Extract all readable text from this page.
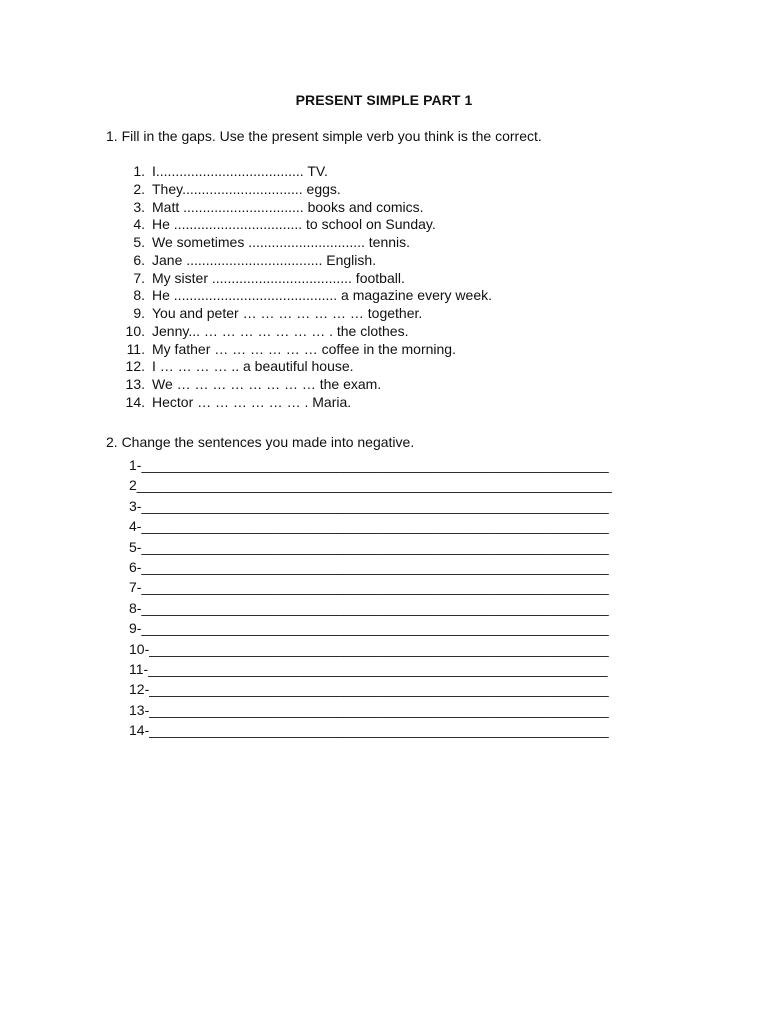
PRESENT SIMPLE PART 1
1. Fill in the gaps. Use the present simple verb you think is the correct.
1. I...................................... TV.
2. They............................... eggs.
3. Matt ............................... books and comics.
4. He ................................. to school on Sunday.
5. We sometimes .............................. tennis.
6. Jane ................................... English.
7. My sister .................................... football.
8. He .......................................... a magazine every week.
9. You and peter … … … … … … … together.
10. Jenny... … … … … … … … . the clothes.
11. My father … … … … … … coffee in the morning.
12. I … … … … .. a beautiful house.
13. We … … … … … … … … the exam.
14. Hector … … … … … … . Maria.
2. Change the sentences you made into negative.
1-____________________________________________________________
2_____________________________________________________________
3-____________________________________________________________
4-____________________________________________________________
5-____________________________________________________________
6-____________________________________________________________
7-____________________________________________________________
8-____________________________________________________________
9-____________________________________________________________
10-___________________________________________________________
11-___________________________________________________________
12-___________________________________________________________
13-___________________________________________________________
14-___________________________________________________________
